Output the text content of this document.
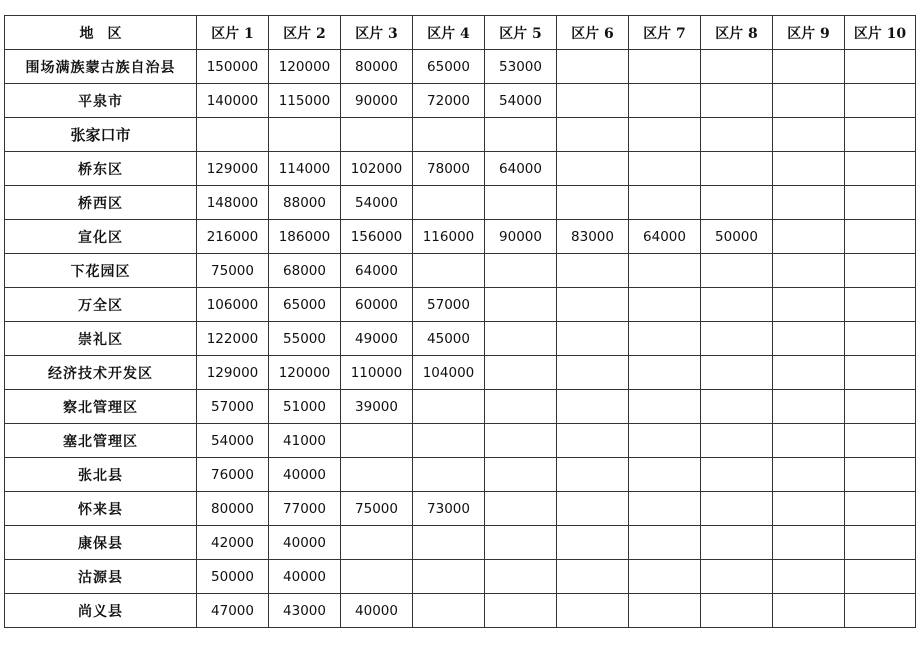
地　区	区片 1	区片 2	区片 3	区片 4	区片 5	区片 6	区片 7	区片 8	区片 9	区片 10
围场满族蒙古族自治县	150000	120000	80000	65000	53000					
平泉市	140000	115000	90000	72000	54000					
张家口市										
桥东区	129000	114000	102000	78000	64000					
桥西区	148000	88000	54000							
宣化区	216000	186000	156000	116000	90000	83000	64000	50000		
下花园区	75000	68000	64000							
万全区	106000	65000	60000	57000						
崇礼区	122000	55000	49000	45000						
经济技术开发区	129000	120000	110000	104000						
察北管理区	57000	51000	39000							
塞北管理区	54000	41000								
张北县	76000	40000								
怀来县	80000	77000	75000	73000						
康保县	42000	40000								
沽源县	50000	40000								
尚义县	47000	43000	40000							
